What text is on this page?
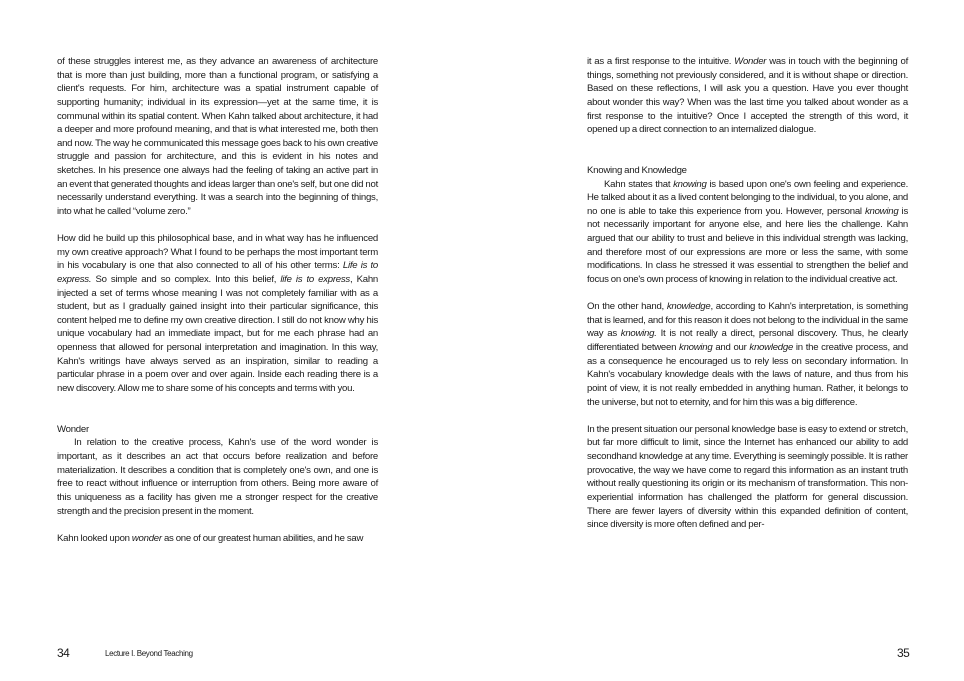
of these struggles interest me, as they advance an awareness of architecture that is more than just building, more than a functional program, or satisfying a client's requests. For him, architecture was a spatial instrument capable of supporting humanity; individual in its expression—yet at the same time, it is communal within its spatial content. When Kahn talked about architecture, it had a deeper and more profound meaning, and that is what interested me, both then and now. The way he communicated this message goes back to his own creative struggle and passion for architecture, and this is evident in his notes and sketches. In his presence one always had the feeling of taking an active part in an event that generated thoughts and ideas larger than one's self, but one did not necessarily understand everything. It was a search into the beginning of things, into what he called “volume zero.”

How did he build up this philosophical base, and in what way has he influenced my own creative approach? What I found to be perhaps the most important term in his vocabulary is one that also connected to all of his other terms: Life is to express. So simple and so complex. Into this belief, life is to express, Kahn injected a set of terms whose meaning I was not completely familiar with as a student, but as I gradually gained insight into their particular significance, this content helped me to define my own creative direction. I still do not know why his unique vocabulary had an immediate impact, but for me each phrase had an openness that allowed for personal interpretation and imagination. In this way, Kahn's writings have always served as an inspiration, similar to reading a particular phrase in a poem over and over again. Inside each reading there is a new discovery. Allow me to share some of his concepts and terms with you.

Wonder

In relation to the creative process, Kahn's use of the word wonder is important, as it describes an act that occurs before realization and before materialization. It describes a condition that is completely one's own, and one is free to react without influence or interruption from others. Being more aware of this uniqueness as a facility has given me a stronger respect for the creative strength and the precision present in the moment.

Kahn looked upon wonder as one of our greatest human abilities, and he saw

34	Lecture I. Beyond Teaching

it as a first response to the intuitive. Wonder was in touch with the beginning of things, something not previously considered, and it is without shape or direction. Based on these reflections, I will ask you a question. Have you ever thought about wonder this way? When was the last time you talked about wonder as a first response to the intuitive? Once I accepted the strength of this word, it opened up a direct connection to an internalized dialogue.

Knowing and Knowledge

Kahn states that knowing is based upon one's own feeling and experience. He talked about it as a lived content belonging to the individual, to you alone, and no one is able to take this experience from you. However, personal knowing is not necessarily important for anyone else, and here lies the challenge. Kahn argued that our ability to trust and believe in this individual strength was lacking, and therefore most of our expressions are more or less the same, with some modifications. In class he stressed it was essential to strengthen the belief and focus on one's own process of knowing in relation to the individual creative act.

On the other hand, knowledge, according to Kahn's interpretation, is something that is learned, and for this reason it does not belong to the individual in the same way as knowing. It is not really a direct, personal discovery. Thus, he clearly differentiated between knowing and our knowledge in the creative process, and as a consequence he encouraged us to rely less on secondary information. In Kahn's vocabulary knowledge deals with the laws of nature, and thus from his point of view, it is not really embedded in anything human. Rather, it belongs to the universe, but not to eternity, and for him this was a big difference.

In the present situation our personal knowledge base is easy to extend or stretch, but far more difficult to limit, since the Internet has enhanced our ability to add secondhand knowledge at any time. Everything is seemingly possible. It is rather provocative, the way we have come to regard this information as an instant truth without really questioning its origin or its mechanism of transformation. This non-experiential information has challenged the platform for general discussion. There are fewer layers of diversity within this expanded definition of content, since diversity is more often defined and per-

35
